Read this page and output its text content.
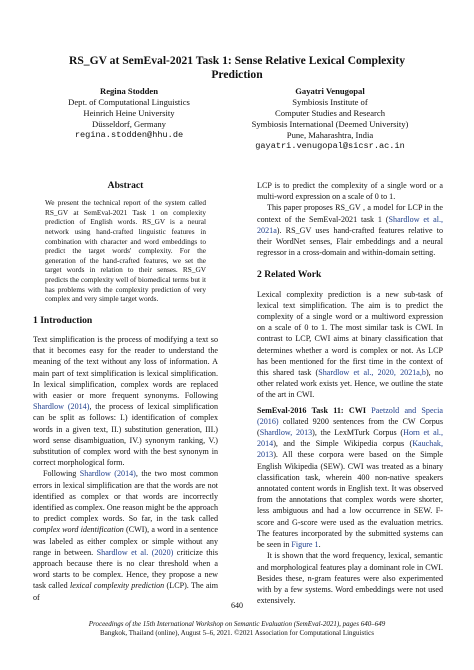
RS_GV at SemEval-2021 Task 1: Sense Relative Lexical Complexity
Prediction
Regina Stodden
Dept. of Computational Linguistics
Heinrich Heine University
Düsseldorf, Germany
regina.stodden@hhu.de
Gayatri Venugopal
Symbiosis Institute of
Computer Studies and Research
Symbiosis International (Deemed University)
Pune, Maharashtra, India
gayatri.venugopal@sicsr.ac.in
Abstract

We present the technical report of the system called RS_GV at SemEval-2021 Task 1 on complexity prediction of English words. RS_GV is a neural network using hand-crafted linguistic features in combination with character and word embeddings to predict the target words' complexity. For the generation of the hand-crafted features, we set the target words in relation to their senses. RS_GV predicts the complexity well of biomedical terms but it has problems with the complexity prediction of very complex and very simple target words.

1 Introduction

Text simplification is the process of modifying a text so that it becomes easy for the reader to understand the meaning of the text without any loss of information. A main part of text simplification is lexical simplification. In lexical simplification, complex words are replaced with easier or more frequent synonyms. Following Shardlow (2014), the process of lexical simplification can be split as follows: I.) identification of complex words in a given text, II.) substitution generation, III.) word sense disambiguation, IV.) synonym ranking, V.) substitution of complex word with the best synonym in correct morphological form.

Following Shardlow (2014), the two most common errors in lexical simplification are that the words are not identified as complex or that words are incorrectly identified as complex. One reason might be the approach to predict complex words. So far, in the task called complex word identification (CWI), a word in a sentence was labeled as either complex or simple without any range in between. Shardlow et al. (2020) criticize this approach because there is no clear threshold when a word starts to be complex. Hence, they propose a new task called lexical complexity prediction (LCP). The aim of

LCP is to predict the complexity of a single word or a multi-word expression on a scale of 0 to 1.

This paper proposes RS_GV , a model for LCP in the context of the SemEval-2021 task 1 (Shardlow et al., 2021a). RS_GV uses hand-crafted features relative to their WordNet senses, Flair embeddings and a neural regressor in a cross-domain and within-domain setting.

2 Related Work

Lexical complexity prediction is a new sub-task of lexical text simplification. The aim is to predict the complexity of a single word or a multiword expression on a scale of 0 to 1. The most similar task is CWI. In contrast to LCP, CWI aims at binary classification that determines whether a word is complex or not. As LCP has been mentioned for the first time in the context of this shared task (Shardlow et al., 2020, 2021a,b), no other related work exists yet. Hence, we outline the state of the art in CWI.

SemEval-2016 Task 11: CWI Paetzold and Specia (2016) collated 9200 sentences from the CW Corpus (Shardlow, 2013), the LexMTurk Corpus (Horn et al., 2014), and the Simple Wikipedia corpus (Kauchak, 2013). All these corpora were based on the Simple English Wikipedia (SEW). CWI was treated as a binary classification task, wherein 400 non-native speakers annotated content words in English text. It was observed from the annotations that complex words were shorter, less ambiguous and had a low occurrence in SEW. F-score and G-score were used as the evaluation metrics. The features incorporated by the submitted systems can be seen in Figure 1.

It is shown that the word frequency, lexical, semantic and morphological features play a dominant role in CWI. Besides these, n-gram features were also experimented with by a few systems. Word embeddings were not used extensively.

640
Proceedings of the 15th International Workshop on Semantic Evaluation (SemEval-2021), pages 640–649
Bangkok, Thailand (online), August 5–6, 2021. ©2021 Association for Computational Linguistics
